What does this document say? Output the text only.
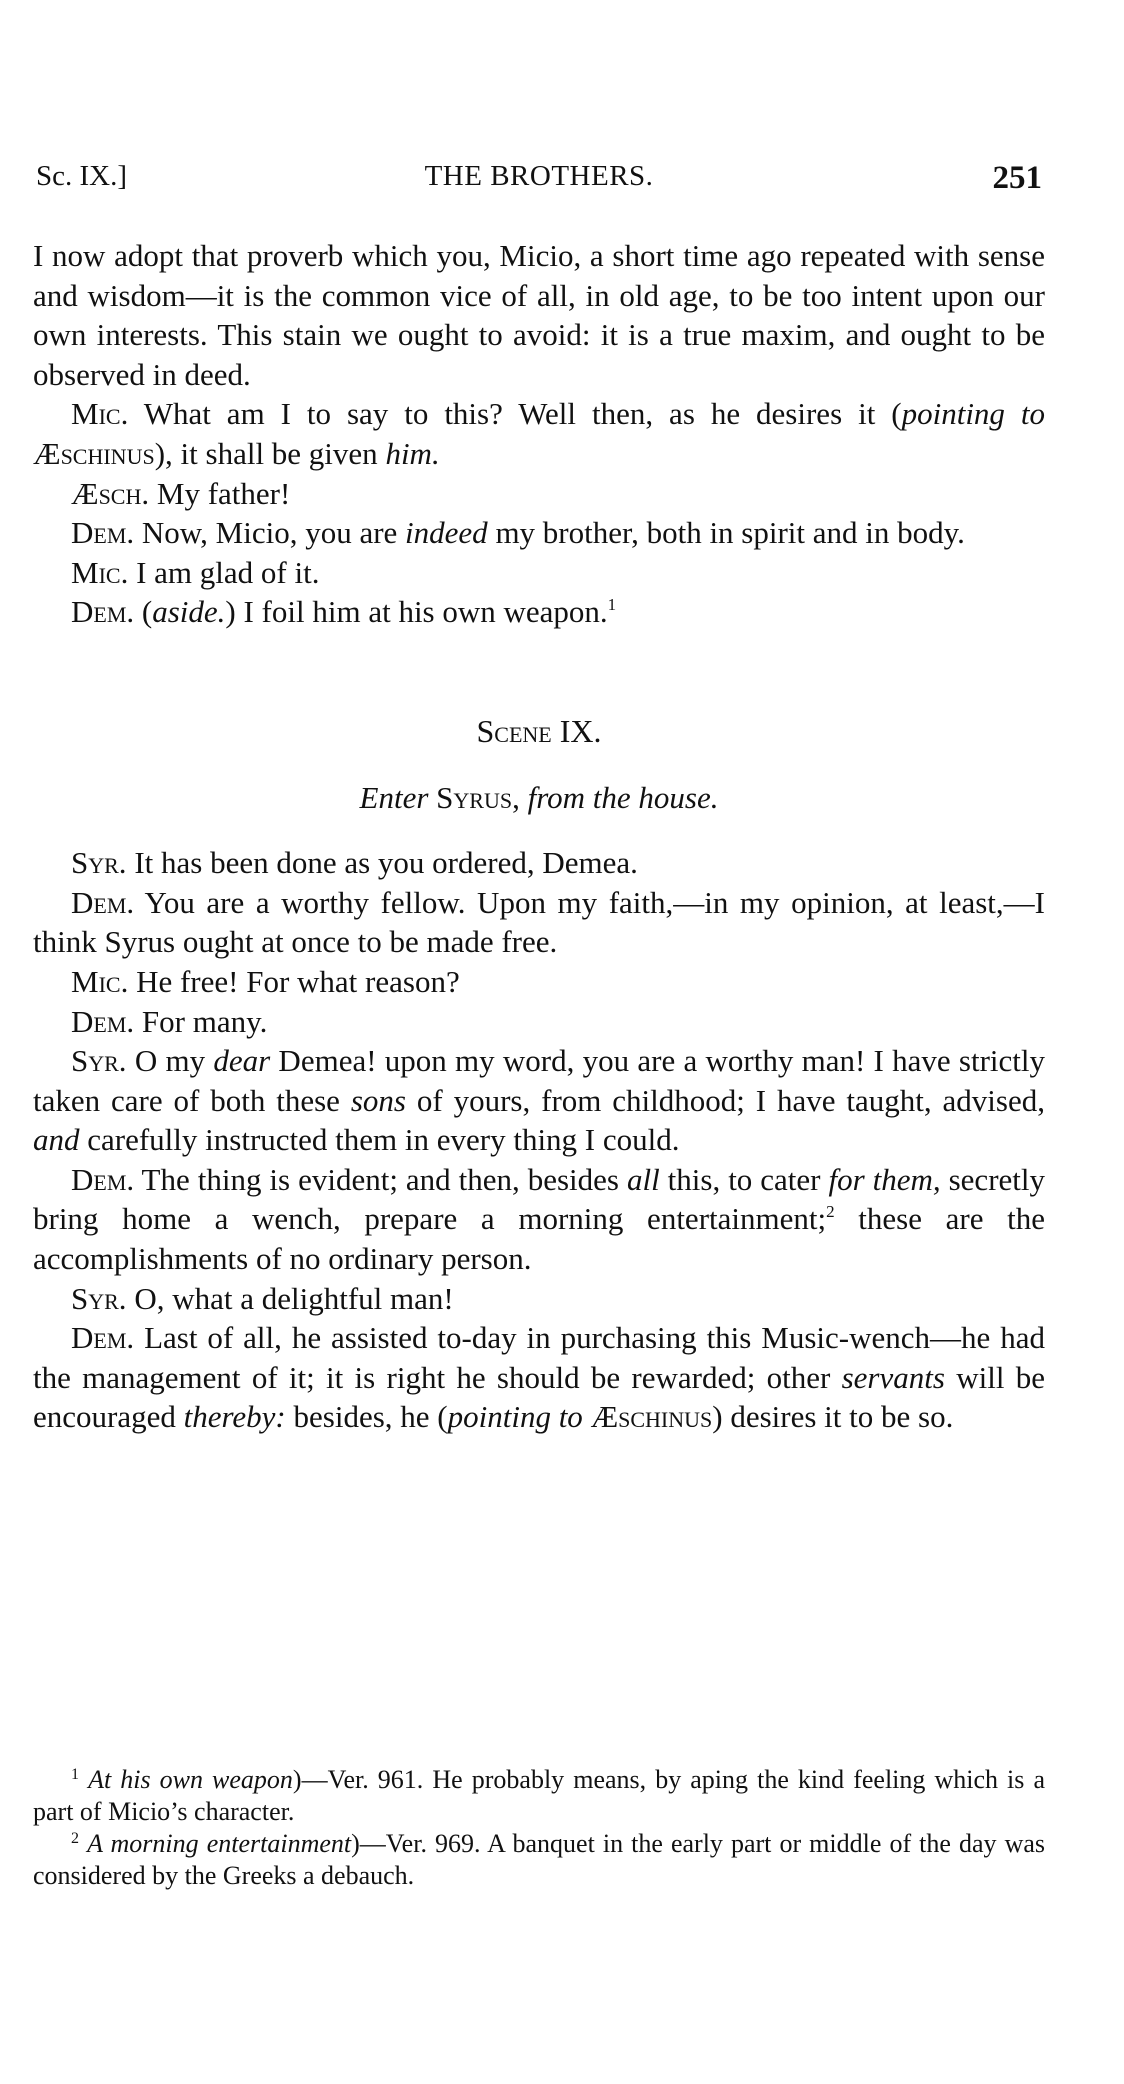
Sc. IX.]	THE BROTHERS.	251

I now adopt that proverb which you, Micio, a short time ago repeated with sense and wisdom—it is the common vice of all, in old age, to be too intent upon our own interests. This stain we ought to avoid: it is a true maxim, and ought to be observed in deed.

Mic. What am I to say to this? Well then, as he desires it (pointing to Æschinus), it shall be given him.

Æsch. My father!

Dem. Now, Micio, you are indeed my brother, both in spirit and in body.

Mic. I am glad of it.

Dem. (aside.) I foil him at his own weapon.$^1$

Scene IX.

Enter Syrus, from the house.

Syr. It has been done as you ordered, Demea.

Dem. You are a worthy fellow. Upon my faith,—in my opinion, at least,—I think Syrus ought at once to be made free.

Mic. He free! For what reason?

Dem. For many.

Syr. O my dear Demea! upon my word, you are a worthy man! I have strictly taken care of both these sons of yours, from childhood; I have taught, advised, and carefully instructed them in every thing I could.

Dem. The thing is evident; and then, besides all this, to cater for them, secretly bring home a wench, prepare a morning entertainment;$^2$ these are the accomplishments of no ordinary person.

Syr. O, what a delightful man!

Dem. Last of all, he assisted to-day in purchasing this Music-wench—he had the management of it; it is right he should be rewarded; other servants will be encouraged thereby: besides, he (pointing to Æschinus) desires it to be so.

$^1$ At his own weapon)—Ver. 961. He probably means, by aping the kind feeling which is a part of Micio’s character.

$^2$ A morning entertainment)—Ver. 969. A banquet in the early part or middle of the day was considered by the Greeks a debauch.
